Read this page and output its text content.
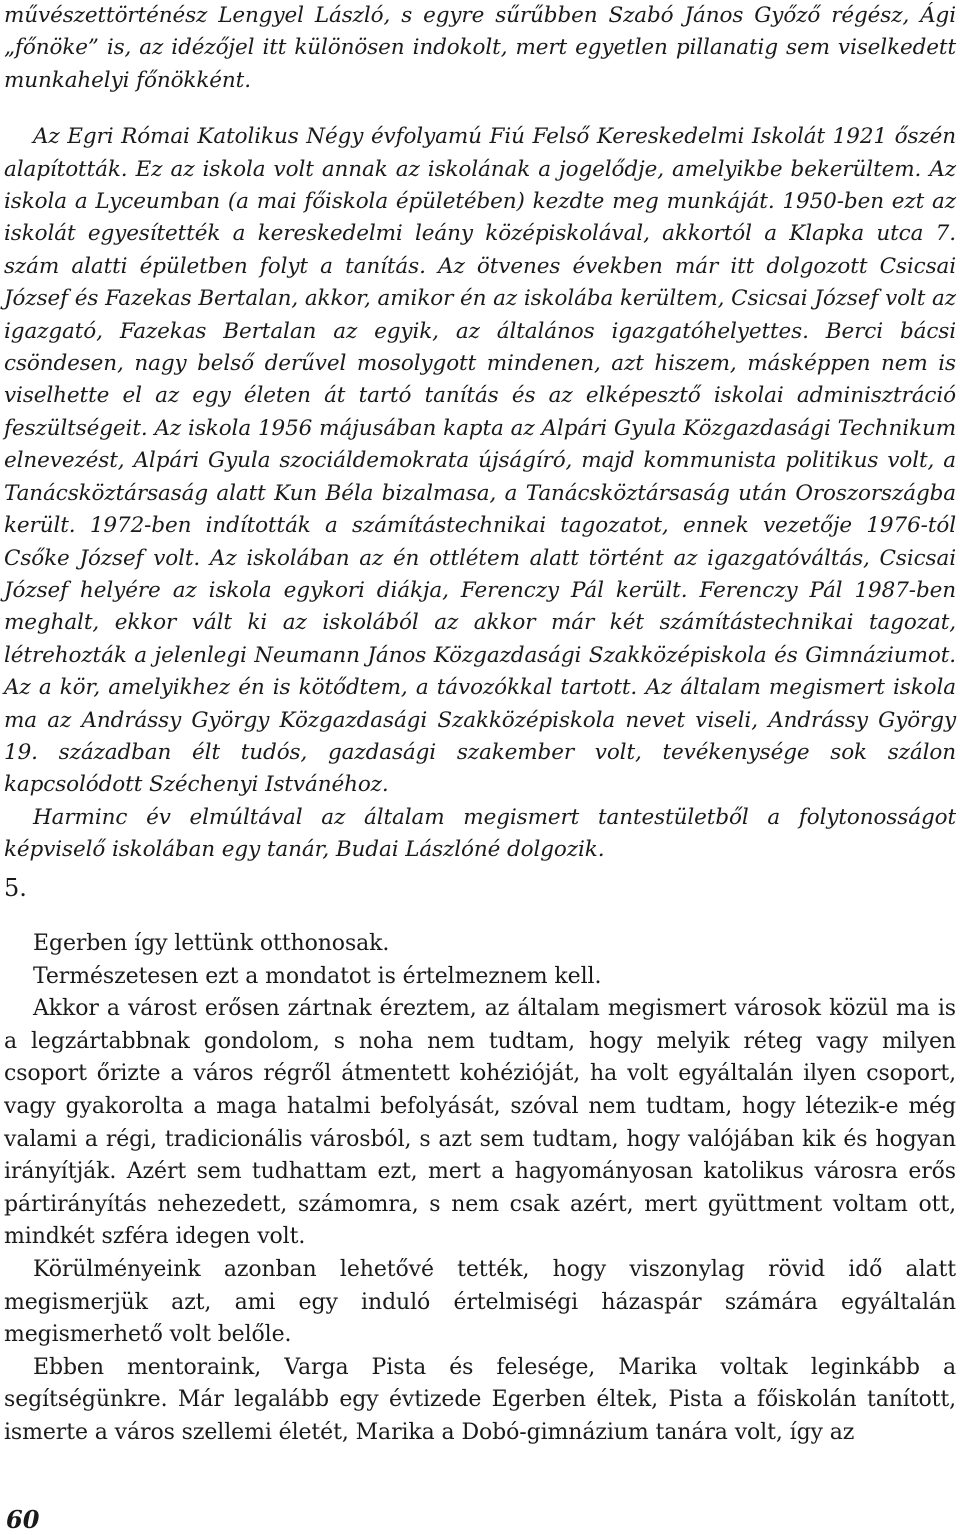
művészettörténész Lengyel László, s egyre sűrűbben Szabó János Győző régész, Ági „főnöke” is, az idézőjel itt különösen indokolt, mert egyetlen pillanatig sem viselkedett munkahelyi főnökként.

Az Egri Római Katolikus Négy évfolyamú Fiú Felső Kereskedelmi Iskolát 1921 őszén alapították. Ez az iskola volt annak az iskolának a jogelődje, amelyikbe bekerültem. Az iskola a Lyceumban (a mai főiskola épületében) kezdte meg munkáját. 1950-ben ezt az iskolát egyesítették a kereskedelmi leány középiskolával, akkortól a Klapka utca 7. szám alatti épületben folyt a tanítás. Az ötvenes években már itt dolgozott Csicsai József és Fazekas Bertalan, akkor, amikor én az iskolába kerültem, Csicsai József volt az igazgató, Fazekas Bertalan az egyik, az általános igazgatóhelyettes. Berci bácsi csöndesen, nagy belső derűvel mosolygott mindenen, azt hiszem, másképpen nem is viselhette el az egy életen át tartó tanítás és az elképesztő iskolai adminisztráció feszültségeit. Az iskola 1956 májusában kapta az Alpári Gyula Közgazdasági Technikum elnevezést, Alpári Gyula szociáldemokrata újságíró, majd kommunista politikus volt, a Tanácsköztársaság alatt Kun Béla bizalmasa, a Tanácsköztársaság után Oroszországba került. 1972-ben indították a számítástechnikai tagozatot, ennek vezetője 1976-tól Csőke József volt. Az iskolában az én ottlétem alatt történt az igazgatóváltás, Csicsai József helyére az iskola egykori diákja, Ferenczy Pál került. Ferenczy Pál 1987-ben meghalt, ekkor vált ki az iskolából az akkor már két számítástechnikai tagozat, létrehozták a jelenlegi Neumann János Közgazdasági Szakközépiskola és Gimnáziumot. Az a kör, amelyikhez én is kötődtem, a távozókkal tartott. Az általam megismert iskola ma az Andrássy György Közgazdasági Szakközépiskola nevet viseli, Andrássy György 19. században élt tudós, gazdasági szakember volt, tevékenysége sok szálon kapcsolódott Széchenyi Istvánéhoz.

Harminc év elmúltával az általam megismert tantestületből a folytonosságot képviselő iskolában egy tanár, Budai Lászlóné dolgozik.

5.

Egerben így lettünk otthonosak.

Természetesen ezt a mondatot is értelmeznem kell.

Akkor a várost erősen zártnak éreztem, az általam megismert városok közül ma is a legzártabbnak gondolom, s noha nem tudtam, hogy melyik réteg vagy milyen csoport őrizte a város régről átmentett kohézióját, ha volt egyáltalán ilyen csoport, vagy gyakorolta a maga hatalmi befolyását, szóval nem tudtam, hogy létezik-e még valami a régi, tradicionális városból, s azt sem tudtam, hogy valójában kik és hogyan irányítják. Azért sem tudhattam ezt, mert a hagyományosan katolikus városra erős pártirányítás nehezedett, számomra, s nem csak azért, mert gyüttment voltam ott, mindkét szféra idegen volt.

Körülményeink azonban lehetővé tették, hogy viszonylag rövid idő alatt megismerjük azt, ami egy induló értelmiségi házaspár számára egyáltalán megismerhető volt belőle.

Ebben mentoraink, Varga Pista és felesége, Marika voltak leginkább a segítségünkre. Már legalább egy évtizede Egerben éltek, Pista a főiskolán tanított, ismerte a város szellemi életét, Marika a Dobó-gimnázium tanára volt, így az

60
